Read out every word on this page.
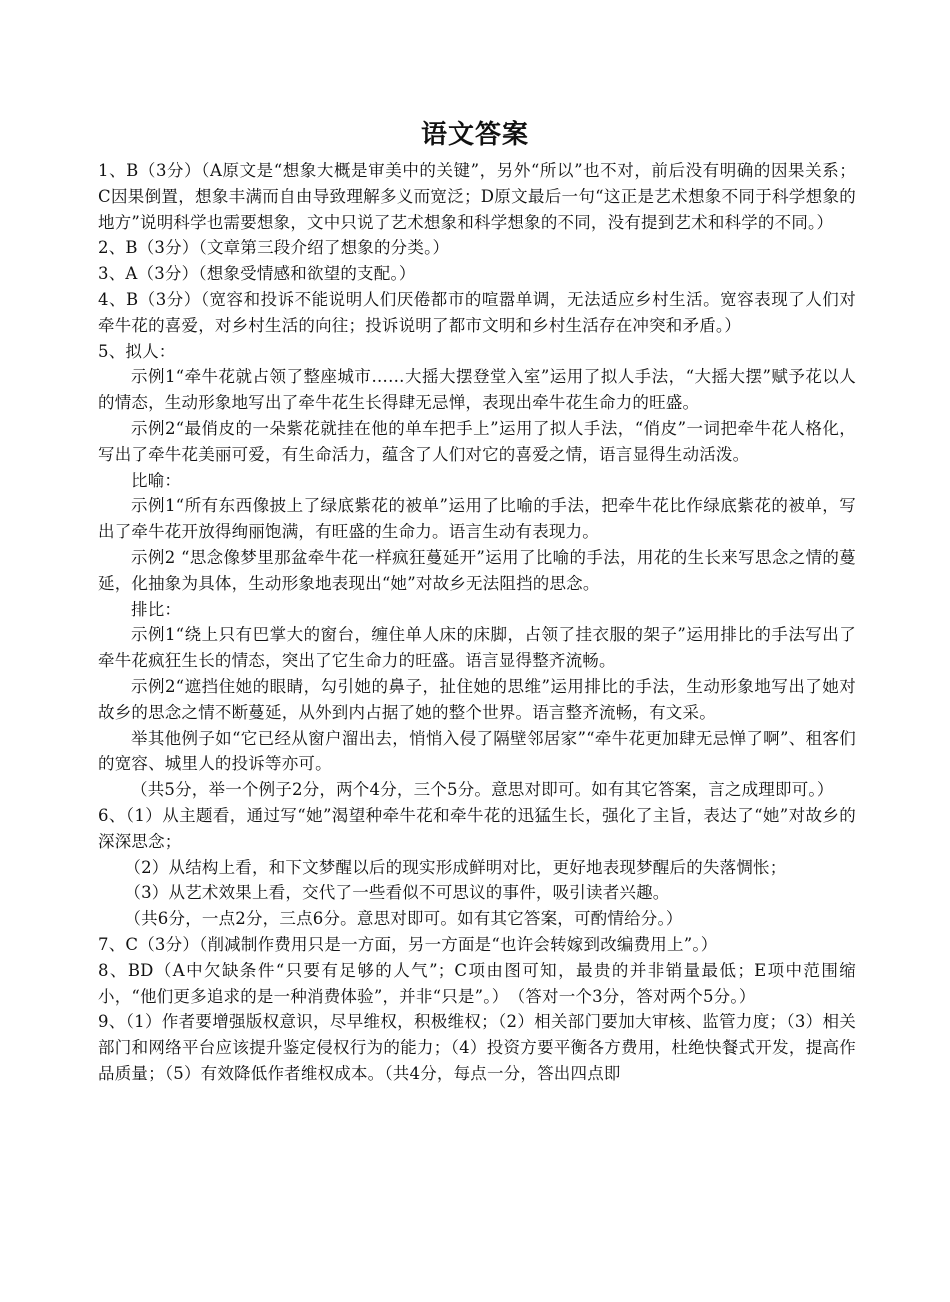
语文答案

1、B（3分）（A原文是“想象大概是审美中的关键”，另外“所以”也不对，前后没有明确的因果关系； C因果倒置，想象丰满而自由导致理解多义而宽泛；D原文最后一句“这正是艺术想象不同于科学想象的地方”说明科学也需要想象，文中只说了艺术想象和科学想象的不同，没有提到艺术和科学的不同。）

2、B（3分）（文章第三段介绍了想象的分类。）

3、A（3分）（想象受情感和欲望的支配。）

4、B（3分）（宽容和投诉不能说明人们厌倦都市的喧嚣单调，无法适应乡村生活。宽容表现了人们对牵牛花的喜爱，对乡村生活的向往；投诉说明了都市文明和乡村生活存在冲突和矛盾。）

5、拟人：

示例1“牵牛花就占领了整座城市……大摇大摆登堂入室”运用了拟人手法，“大摇大摆”赋予花以人的情态，生动形象地写出了牵牛花生长得肆无忌惮，表现出牵牛花生命力的旺盛。

示例2“最俏皮的一朵紫花就挂在他的单车把手上”运用了拟人手法，“俏皮”一词把牵牛花人格化，写出了牵牛花美丽可爱，有生命活力，蕴含了人们对它的喜爱之情，语言显得生动活泼。

比喻：

示例1“所有东西像披上了绿底紫花的被单”运用了比喻的手法，把牵牛花比作绿底紫花的被单，写出了牵牛花开放得绚丽饱满，有旺盛的生命力。语言生动有表现力。

示例2 “思念像梦里那盆牵牛花一样疯狂蔓延开”运用了比喻的手法，用花的生长来写思念之情的蔓延，化抽象为具体，生动形象地表现出“她”对故乡无法阻挡的思念。

排比：

示例1“绕上只有巴掌大的窗台，缠住单人床的床脚，占领了挂衣服的架子”运用排比的手法写出了牵牛花疯狂生长的情态，突出了它生命力的旺盛。语言显得整齐流畅。

示例2“遮挡住她的眼睛，勾引她的鼻子，扯住她的思维”运用排比的手法，生动形象地写出了她对故乡的思念之情不断蔓延，从外到内占据了她的整个世界。语言整齐流畅，有文采。

举其他例子如“它已经从窗户溜出去，悄悄入侵了隔壁邻居家”“牵牛花更加肆无忌惮了啊”、租客们的宽容、城里人的投诉等亦可。

（共5分，举一个例子2分，两个4分，三个5分。意思对即可。如有其它答案，言之成理即可。）

6、（1）从主题看，通过写“她”渴望种牵牛花和牵牛花的迅猛生长，强化了主旨，表达了“她”对故乡的深深思念；

（2）从结构上看，和下文梦醒以后的现实形成鲜明对比，更好地表现梦醒后的失落惆怅；

（3）从艺术效果上看，交代了一些看似不可思议的事件，吸引读者兴趣。

（共6分，一点2分，三点6分。意思对即可。如有其它答案，可酌情给分。）

7、C（3分）（削减制作费用只是一方面，另一方面是“也许会转嫁到改编费用上”。）

8、BD（A中欠缺条件“只要有足够的人气”；C项由图可知，最贵的并非销量最低；E项中范围缩小，“他们更多追求的是一种消费体验”，并非“只是”。）　（答对一个3分，答对两个5分。）

9、（1）作者要增强版权意识，尽早维权，积极维权；（2）相关部门要加大审核、监管力度；（3）相关部门和网络平台应该提升鉴定侵权行为的能力；（4）投资方要平衡各方费用，杜绝快餐式开发，提高作品质量；（5）有效降低作者维权成本。（共4分，每点一分，答出四点即
